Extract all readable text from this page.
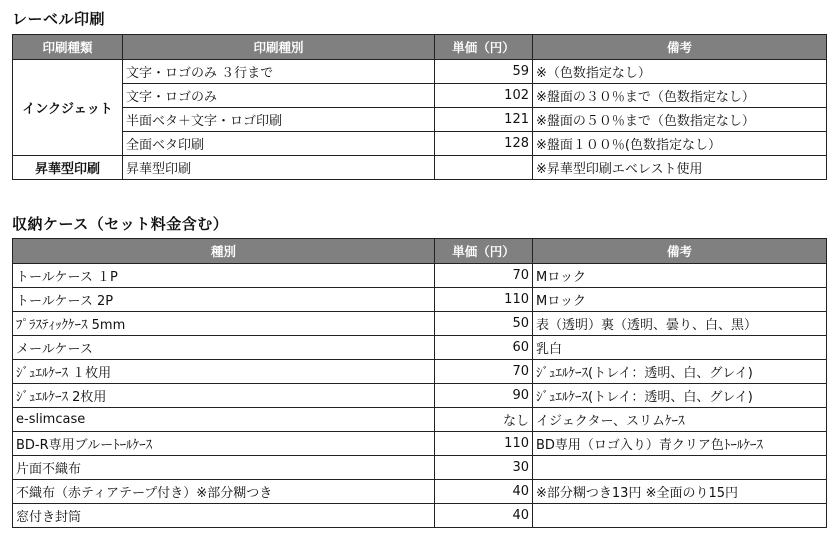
レーベル印刷
印刷種類	印刷種別	単価（円）	備考
インクジェット	文字・ロゴのみ ３行まで	59	※（色数指定なし）
	文字・ロゴのみ	102	※盤面の３０％まで（色数指定なし）
	半面ベタ＋文字・ロゴ印刷	121	※盤面の５０％まで（色数指定なし）
	全面ベタ印刷	128	※盤面１００％(色数指定なし）
昇華型印刷	昇華型印刷		※昇華型印刷エベレスト使用
収納ケース（セット料金含む）
種別	単価（円）	備考
トールケース １P	70	Mロック
トールケース 2P	110	Mロック
ﾌﾟﾗｽﾃｨｯｸｹｰｽ 5mm	50	表（透明）裏（透明、曇り、白、黒）
メールケース	60	乳白
ｼﾞｭｴﾙｹｰｽ １枚用	70	ｼﾞｭｴﾙｹｰｽ(トレイ：透明、白、グレイ)
ｼﾞｭｴﾙｹｰｽ 2枚用	90	ｼﾞｭｴﾙｹｰｽ(トレイ：透明、白、グレイ)
e-slimcase	なし	イジェクター、スリムｹｰｽ
BD-R専用ブルーﾄｰﾙｹｰｽ	110	BD専用（ロゴ入り）青クリア色ﾄｰﾙｹｰｽ
片面不織布	30	
不織布（赤ティアテープ付き）※部分糊つき	40	※部分糊つき13円 ※全面のり15円
窓付き封筒	40	
